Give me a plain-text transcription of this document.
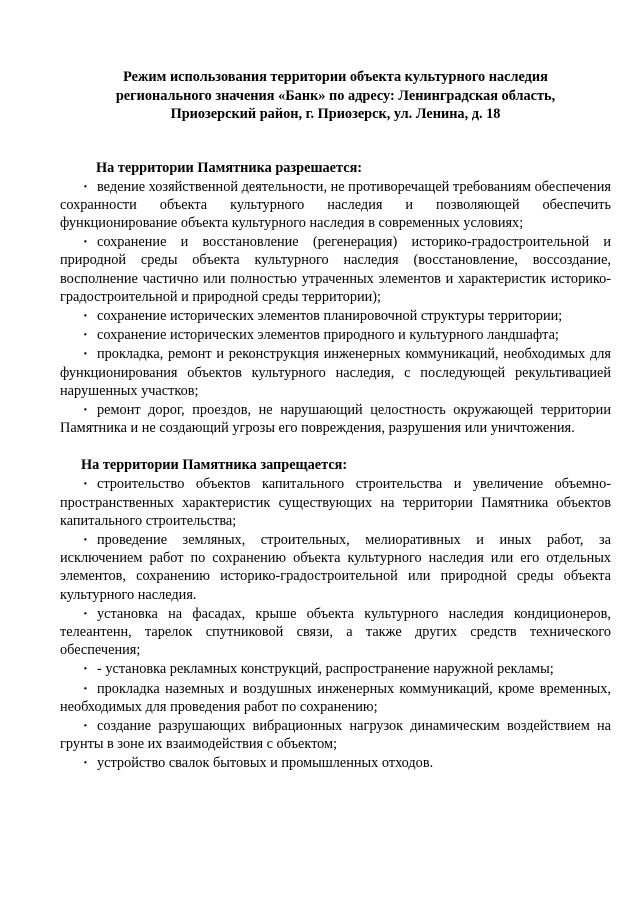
Режим использования территории объекта культурного наследия
регионального значения «Банк» по адресу: Ленинградская область,
Приозерский район, г. Приозерск, ул. Ленина, д. 18
На территории Памятника разрешается:

· ведение хозяйственной деятельности, не противоречащей требованиям обеспечения сохранности объекта культурного наследия и позволяющей обеспечить функционирование объекта культурного наследия в современных условиях;

· сохранение и восстановление (регенерация) историко-градостроительной и природной среды объекта культурного наследия (восстановление, воссоздание, восполнение частично или полностью утраченных элементов и характеристик историко-градостроительной и природной среды территории);

· сохранение исторических элементов планировочной структуры территории;

· сохранение исторических элементов природного и культурного ландшафта;

· прокладка, ремонт и реконструкция инженерных коммуникаций, необходимых для функционирования объектов культурного наследия, с последующей рекультивацией нарушенных участков;

· ремонт дорог, проездов, не нарушающий целостность окружающей территории Памятника и не создающий угрозы его повреждения, разрушения или уничтожения.

На территории Памятника запрещается:

· строительство объектов капитального строительства и увеличение объемно-пространственных характеристик существующих на территории Памятника объектов капитального строительства;

· проведение земляных, строительных, мелиоративных и иных работ, за исключением работ по сохранению объекта культурного наследия или его отдельных элементов, сохранению историко-градостроительной или природной среды объекта культурного наследия.

· установка на фасадах, крыше объекта культурного наследия кондиционеров, телеантенн, тарелок спутниковой связи, а также других средств технического обеспечения;

· - установка рекламных конструкций, распространение наружной рекламы;

· прокладка наземных и воздушных инженерных коммуникаций, кроме временных, необходимых для проведения работ по сохранению;

· создание разрушающих вибрационных нагрузок динамическим воздействием на грунты в зоне их взаимодействия с объектом;

· устройство свалок бытовых и промышленных отходов.
